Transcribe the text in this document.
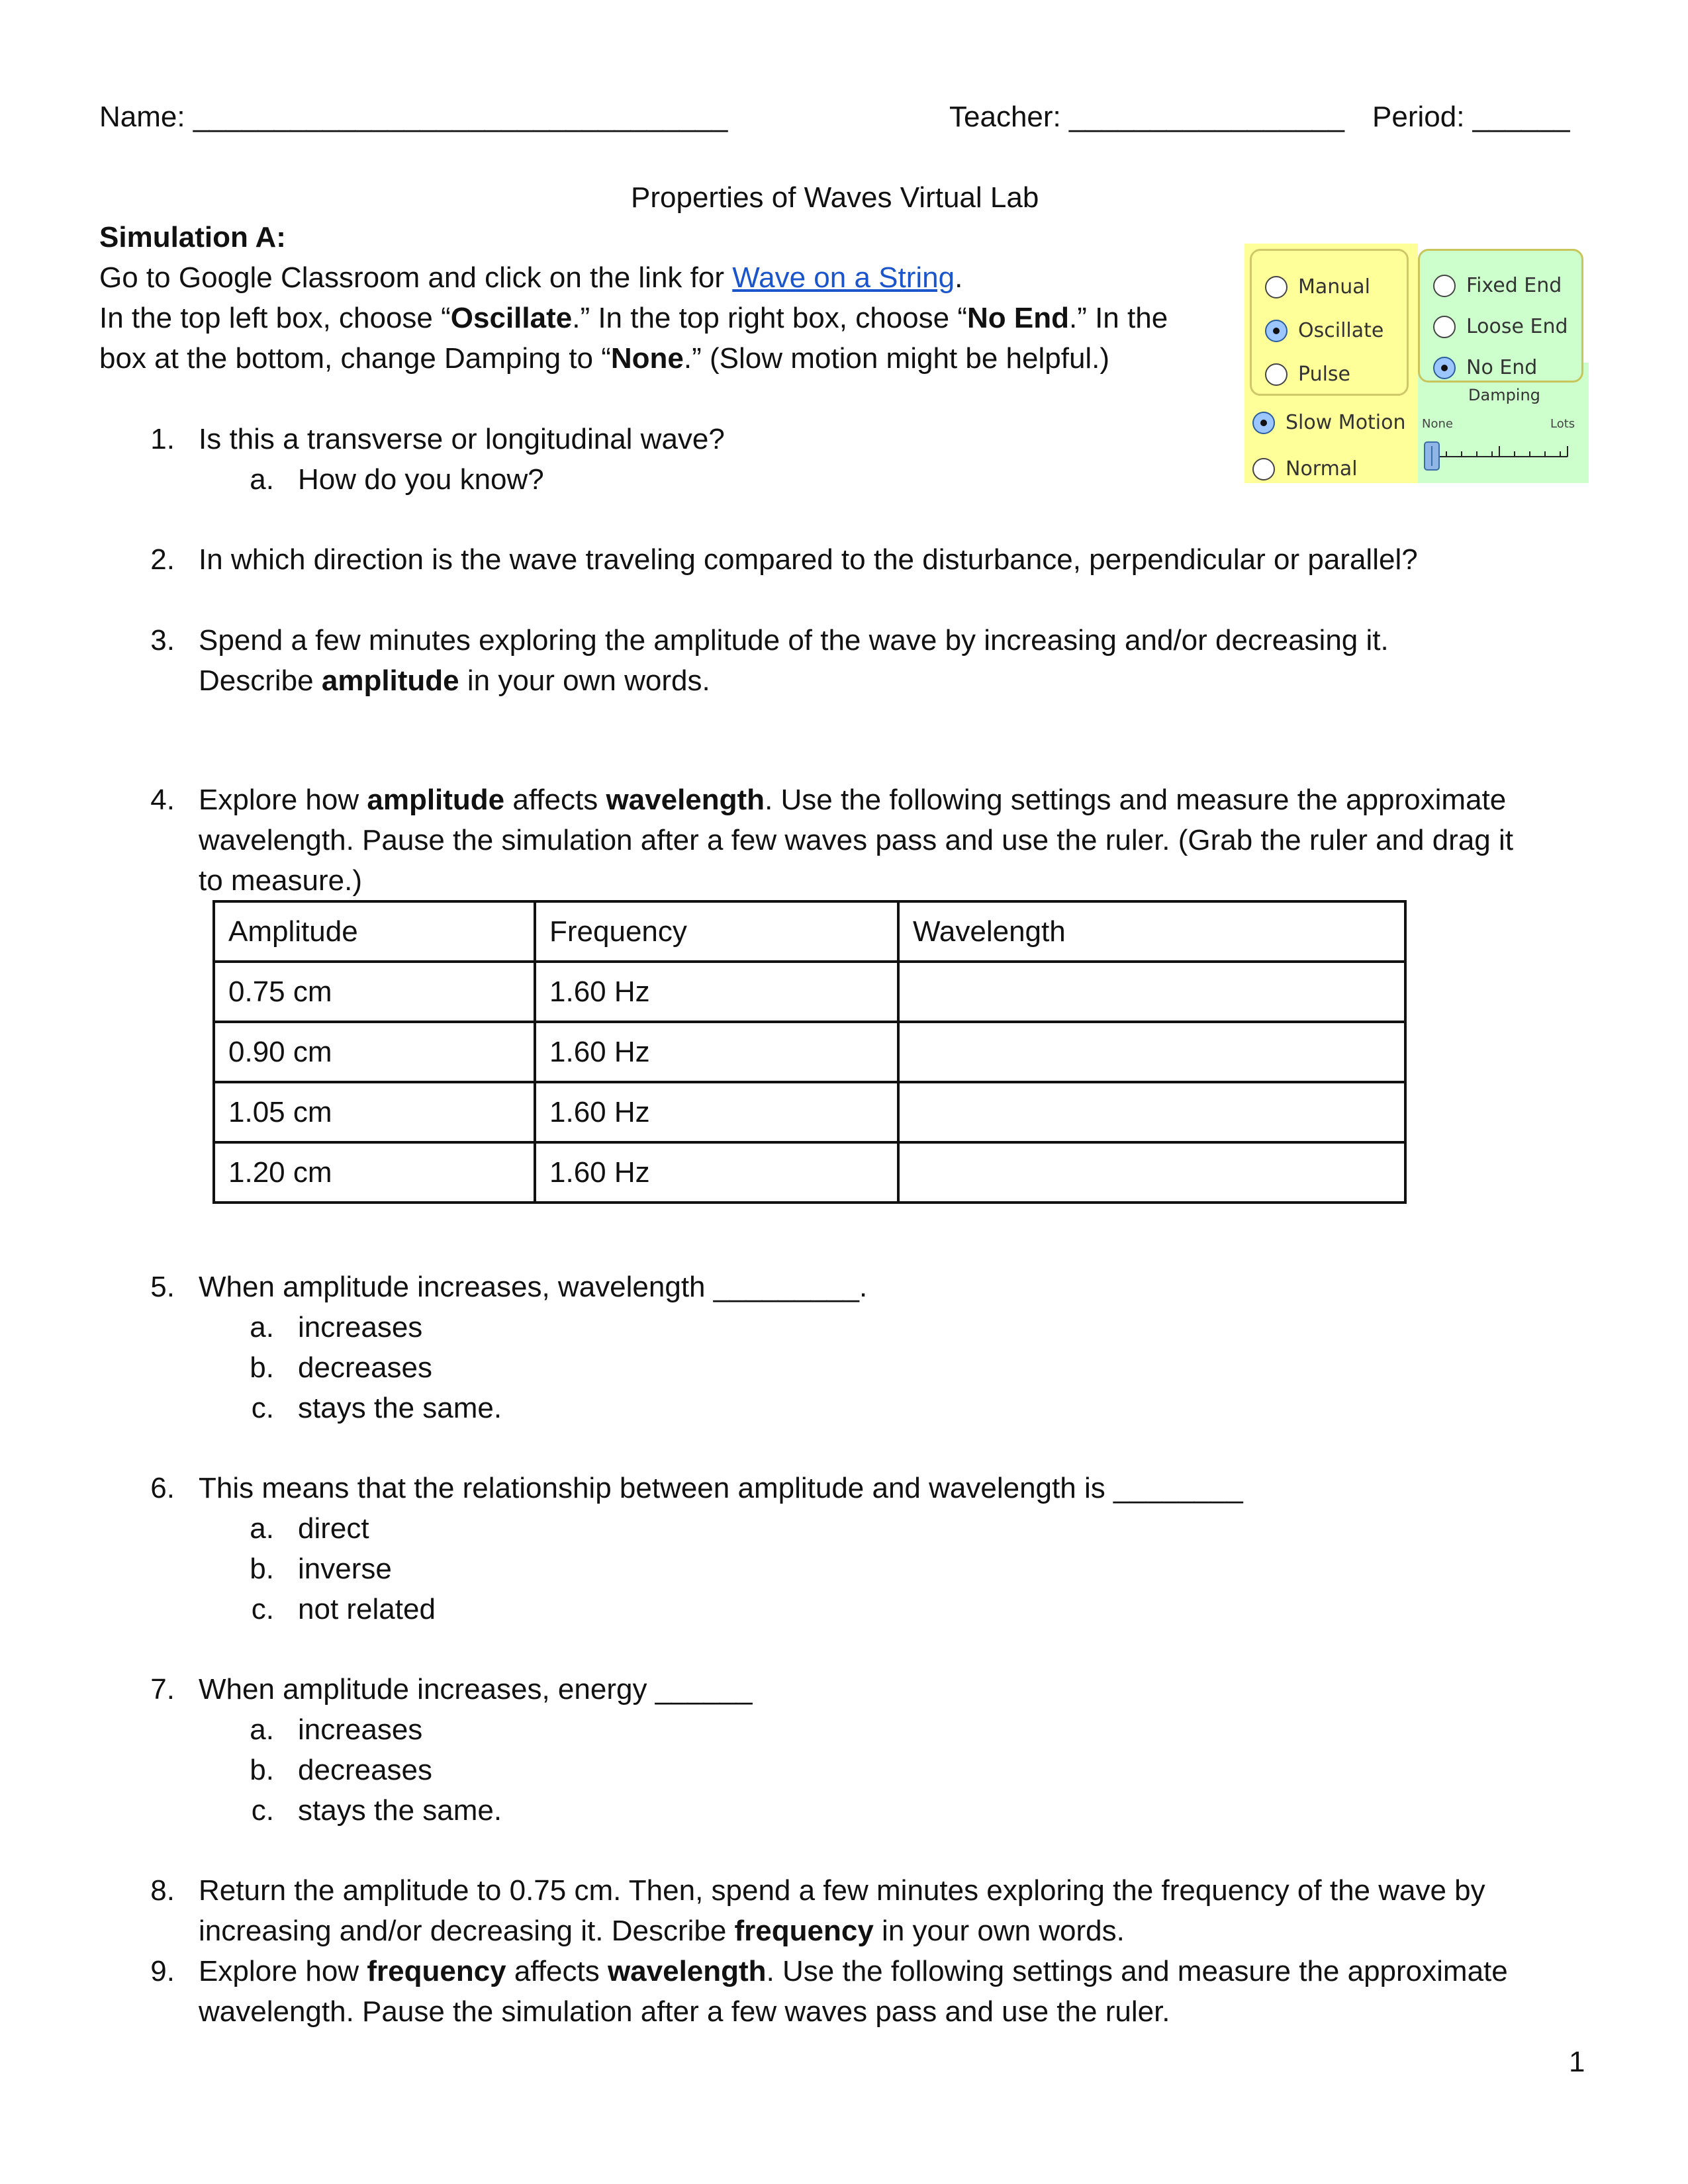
Name: _________________________________	Teacher: _________________ Period: ______
Properties of Waves Virtual Lab
Simulation A:
Go to Google Classroom and click on the link for Wave on a String.
In the top left box, choose “Oscillate.” In the top right box, choose “No End.” In the
box at the bottom, change Damping to “None.” (Slow motion might be helpful.)
Manual
Oscillate
Pulse
Fixed End
Loose End
No End
Slow Motion
Normal
Damping
None	Lots
1. Is this a transverse or longitudinal wave?
a. How do you know?
2. In which direction is the wave traveling compared to the disturbance, perpendicular or parallel?
3. Spend a few minutes exploring the amplitude of the wave by increasing and/or decreasing it.
Describe amplitude in your own words.
4. Explore how amplitude affects wavelength. Use the following settings and measure the approximate
wavelength. Pause the simulation after a few waves pass and use the ruler. (Grab the ruler and drag it
to measure.)
Amplitude	Frequency	Wavelength
0.75 cm	1.60 Hz	
0.90 cm	1.60 Hz	
1.05 cm	1.60 Hz	
1.20 cm	1.60 Hz	
5. When amplitude increases, wavelength _________.
a. increases
b. decreases
c. stays the same.
6. This means that the relationship between amplitude and wavelength is ________
a. direct
b. inverse
c. not related
7. When amplitude increases, energy ______
a. increases
b. decreases
c. stays the same.
8. Return the amplitude to 0.75 cm. Then, spend a few minutes exploring the frequency of the wave by
increasing and/or decreasing it. Describe frequency in your own words.
9. Explore how frequency affects wavelength. Use the following settings and measure the approximate
wavelength. Pause the simulation after a few waves pass and use the ruler.
1
